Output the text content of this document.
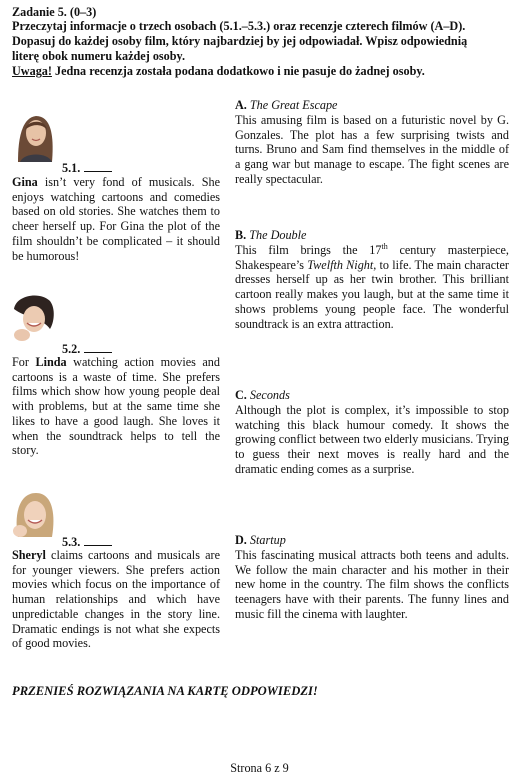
Zadanie 5. (0–3)
Przeczytaj informacje o trzech osobach (5.1.–5.3.) oraz recenzje czterech filmów (A–D).
Dopasuj do każdej osoby film, który najbardziej by jej odpowiadał. Wpisz odpowiednią
literę obok numeru każdej osoby.
Uwaga! Jedna recenzja została podana dodatkowo i nie pasuje do żadnej osoby.
5.1.
Gina isn’t very fond of musicals. She enjoys watching cartoons and comedies based on old stories. She watches them to cheer herself up. For Gina the plot of the film shouldn’t be complicated – it should be humorous!
5.2.
For Linda watching action movies and cartoons is a waste of time. She prefers films which show how young people deal with problems, but at the same time she likes to have a good laugh. She loves it when the soundtrack helps to tell the story.
5.3.
Sheryl claims cartoons and musicals are for younger viewers. She prefers action movies which focus on the importance of human relationships and which have unpredictable changes in the story line. Dramatic endings is not what she expects of good movies.
A. The Great Escape
This amusing film is based on a futuristic novel by G. Gonzales. The plot has a few surprising twists and turns. Bruno and Sam find themselves in the middle of a gang war but manage to escape. The fight scenes are really spectacular.
B. The Double
This film brings the 17th century masterpiece, Shakespeare’s Twelfth Night, to life. The main character dresses herself up as her twin brother. This brilliant cartoon really makes you laugh, but at the same time it shows problems young people face. The wonderful soundtrack is an extra attraction.
C. Seconds
Although the plot is complex, it’s impossible to stop watching this black humour comedy. It shows the growing conflict between two elderly musicians. Trying to guess their next moves is really hard and the dramatic ending comes as a surprise.
D. Startup
This fascinating musical attracts both teens and adults. We follow the main character and his mother in their new home in the country. The film shows the conflicts teenagers have with their parents. The funny lines and music fill the cinema with laughter.
PRZENIEŚ ROZWIĄZANIA NA KARTĘ ODPOWIEDZI!
Strona 6 z 9
